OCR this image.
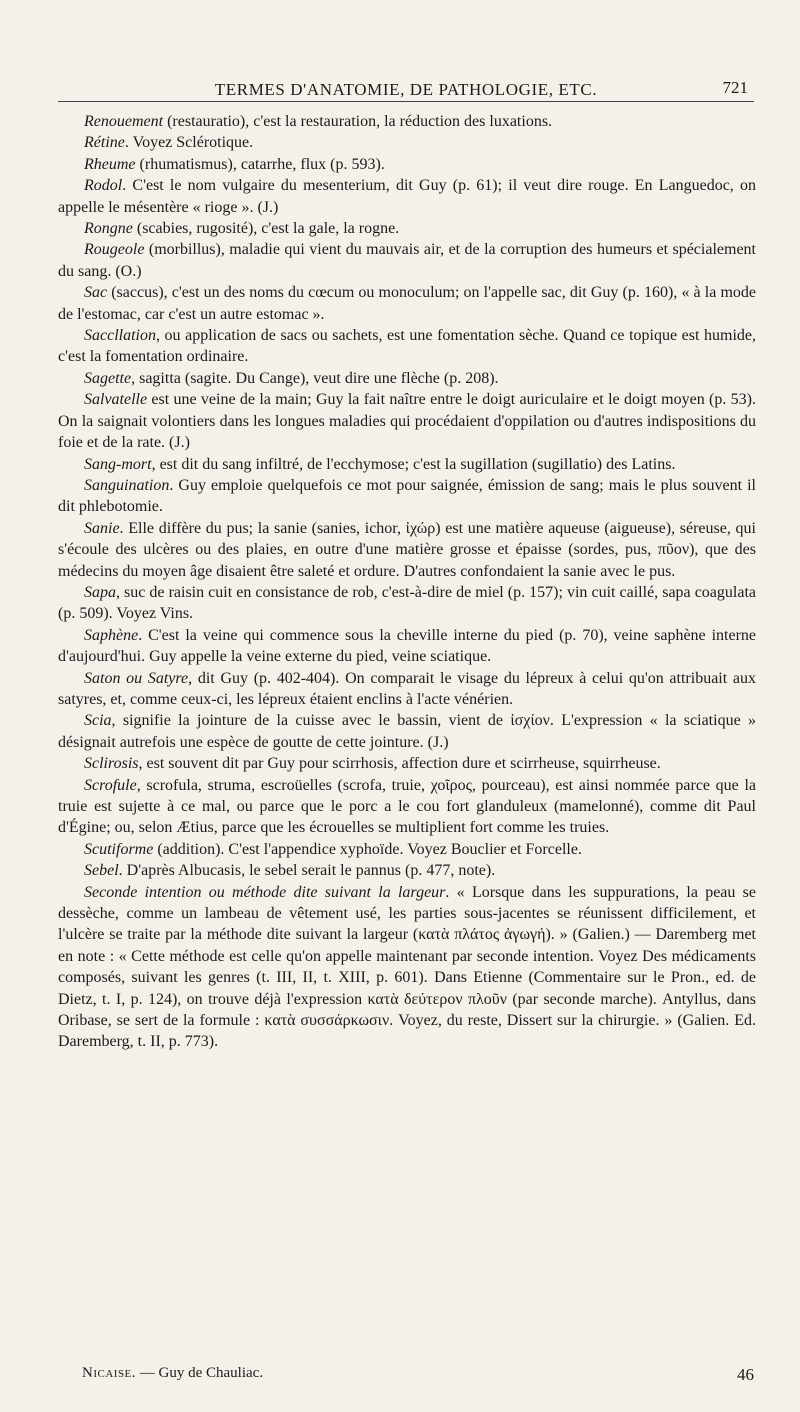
TERMES D'ANATOMIE, DE PATHOLOGIE, ETC.	721

Renouement (restauratio), c'est la restauration, la réduction des luxations.

Rétine. Voyez Sclérotique.

Rheume (rhumatismus), catarrhe, flux (p. 593).

Rodol. C'est le nom vulgaire du mesenterium, dit Guy (p. 61); il veut dire rouge. En Languedoc, on appelle le mésentère « rioge ». (J.)

Rongne (scabies, rugosité), c'est la gale, la rogne.

Rougeole (morbillus), maladie qui vient du mauvais air, et de la corruption des humeurs et spécialement du sang. (O.)

Sac (saccus), c'est un des noms du cœcum ou monoculum; on l'appelle sac, dit Guy (p. 160), « à la mode de l'estomac, car c'est un autre estomac ».

Saccllation, ou application de sacs ou sachets, est une fomentation sèche. Quand ce topique est humide, c'est la fomentation ordinaire.

Sagette, sagitta (sagite. Du Cange), veut dire une flèche (p. 208).

Salvatelle est une veine de la main; Guy la fait naître entre le doigt auriculaire et le doigt moyen (p. 53). On la saignait volontiers dans les longues maladies qui procédaient d'oppilation ou d'autres indispositions du foie et de la rate. (J.)

Sang-mort, est dit du sang infiltré, de l'ecchymose; c'est la sugillation (sugillatio) des Latins.

Sanguination. Guy emploie quelquefois ce mot pour saignée, émission de sang; mais le plus souvent il dit phlebotomie.

Sanie. Elle diffère du pus; la sanie (sanies, ichor, ἰχώρ) est une matière aqueuse (aigueuse), séreuse, qui s'écoule des ulcères ou des plaies, en outre d'une matière grosse et épaisse (sordes, pus, πῦον), que des médecins du moyen âge disaient être saleté et ordure. D'autres confondaient la sanie avec le pus.

Sapa, suc de raisin cuit en consistance de rob, c'est-à-dire de miel (p. 157); vin cuit caillé, sapa coagulata (p. 509). Voyez Vins.

Saphène. C'est la veine qui commence sous la cheville interne du pied (p. 70), veine saphène interne d'aujourd'hui. Guy appelle la veine externe du pied, veine sciatique.

Saton ou Satyre, dit Guy (p. 402-404). On comparait le visage du lépreux à celui qu'on attribuait aux satyres, et, comme ceux-ci, les lépreux étaient enclins à l'acte vénérien.

Scia, signifie la jointure de la cuisse avec le bassin, vient de ἰσχίον. L'expression « la sciatique » désignait autrefois une espèce de goutte de cette jointure. (J.)

Sclirosis, est souvent dit par Guy pour scirrhosis, affection dure et scirrheuse, squirrheuse.

Scrofule, scrofula, struma, escroüelles (scrofa, truie, χοῖρος, pourceau), est ainsi nommée parce que la truie est sujette à ce mal, ou parce que le porc a le cou fort glanduleux (mamelonné), comme dit Paul d'Égine; ou, selon Ætius, parce que les écrouelles se multiplient fort comme les truies.

Scutiforme (addition). C'est l'appendice xyphoïde. Voyez Bouclier et Forcelle.

Sebel. D'après Albucasis, le sebel serait le pannus (p. 477, note).

Seconde intention ou méthode dite suivant la largeur. « Lorsque dans les suppurations, la peau se dessèche, comme un lambeau de vêtement usé, les parties sous-jacentes se réunissent difficilement, et l'ulcère se traite par la méthode dite suivant la largeur (κατὰ πλάτος ἀγωγή). » (Galien.) — Daremberg met en note : « Cette méthode est celle qu'on appelle maintenant par seconde intention. Voyez Des médicaments composés, suivant les genres (t. III, II, t. XIII, p. 601). Dans Etienne (Commentaire sur le Pron., ed. de Dietz, t. I, p. 124), on trouve déjà l'expression κατὰ δεύτερον πλοῦν (par seconde marche). Antyllus, dans Oribase, se sert de la formule : κατὰ συσσάρκωσιν. Voyez, du reste, Dissert sur la chirurgie. » (Galien. Ed. Daremberg, t. II, p. 773).

Nicaise. — Guy de Chauliac.	46
